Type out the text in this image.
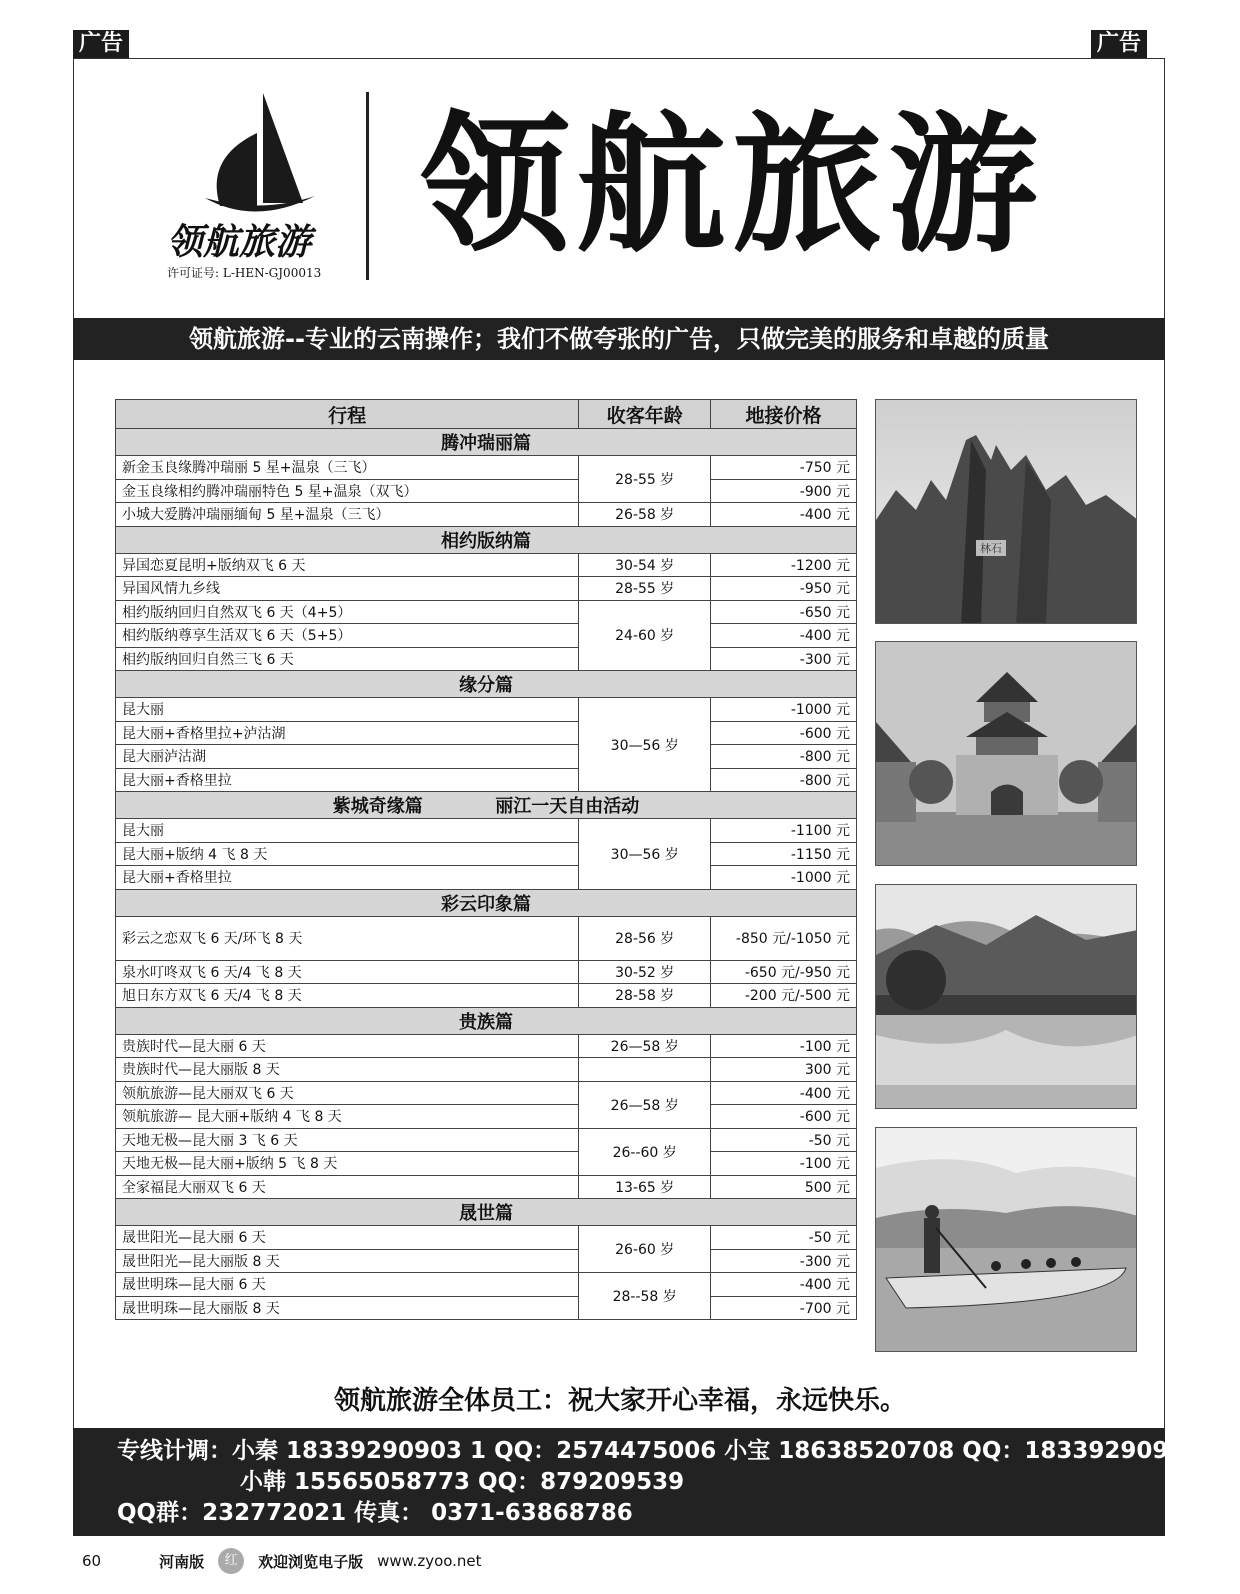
广告	广告
领航旅游
许可证号: L-HEN-GJ00013 领航旅游
领航旅游--专业的云南操作；我们不做夸张的广告，只做完美的服务和卓越的质量
行程	收客年龄	地接价格
腾冲瑞丽篇		
新金玉良缘腾冲瑞丽 5 星+温泉（三飞）	28-55 岁	-750 元
金玉良缘相约腾冲瑞丽特色 5 星+温泉（双飞）		-900 元
小城大爱腾冲瑞丽缅甸 5 星+温泉（三飞）	26-58 岁	-400 元
相约版纳篇		
异国恋夏昆明+版纳双飞 6 天	30-54 岁	-1200 元
异国风情九乡线	28-55 岁	-950 元
相约版纳回归自然双飞 6 天（4+5）	24-60 岁	-650 元
相约版纳尊享生活双飞 6 天（5+5）		-400 元
相约版纳回归自然三飞 6 天		-300 元
缘分篇		
昆大丽	30—56 岁	-1000 元
昆大丽+香格里拉+泸沽湖		-600 元
昆大丽泸沽湖		-800 元
昆大丽+香格里拉		-800 元
紫城奇缘篇 丽江一天自由活动		
昆大丽	30—56 岁	-1100 元
昆大丽+版纳 4 飞 8 天		-1150 元
昆大丽+香格里拉		-1000 元
彩云印象篇		
彩云之恋双飞 6 天/环飞 8 天	28-56 岁	-850 元/-1050 元
泉水叮咚双飞 6 天/4 飞 8 天	30-52 岁	-650 元/-950 元
旭日东方双飞 6 天/4 飞 8 天	28-58 岁	-200 元/-500 元
贵族篇		
贵族时代—昆大丽 6 天	26—58 岁	-100 元
贵族时代—昆大丽版 8 天		300 元
领航旅游—昆大丽双飞 6 天	26—58 岁	-400 元
领航旅游— 昆大丽+版纳 4 飞 8 天		-600 元
天地无极—昆大丽 3 飞 6 天	26--60 岁	-50 元
天地无极—昆大丽+版纳 5 飞 8 天		-100 元
全家福昆大丽双飞 6 天	13-65 岁	500 元
晟世篇		
晟世阳光—昆大丽 6 天	26-60 岁	-50 元
晟世阳光—昆大丽版 8 天		-300 元
晟世明珠—昆大丽 6 天	28--58 岁	-400 元
晟世明珠—昆大丽版 8 天		-700 元
林石
领航旅游全体员工：祝大家开心幸福，永远快乐。
专线计调：小秦 18339290903 1 QQ：2574475006 小宝 18638520708 QQ：18339290901
小韩 15565058773 QQ：879209539
QQ群：232772021 传真： 0371-63868786
60	河南版	红	欢迎浏览电子版 www.zyoo.net
